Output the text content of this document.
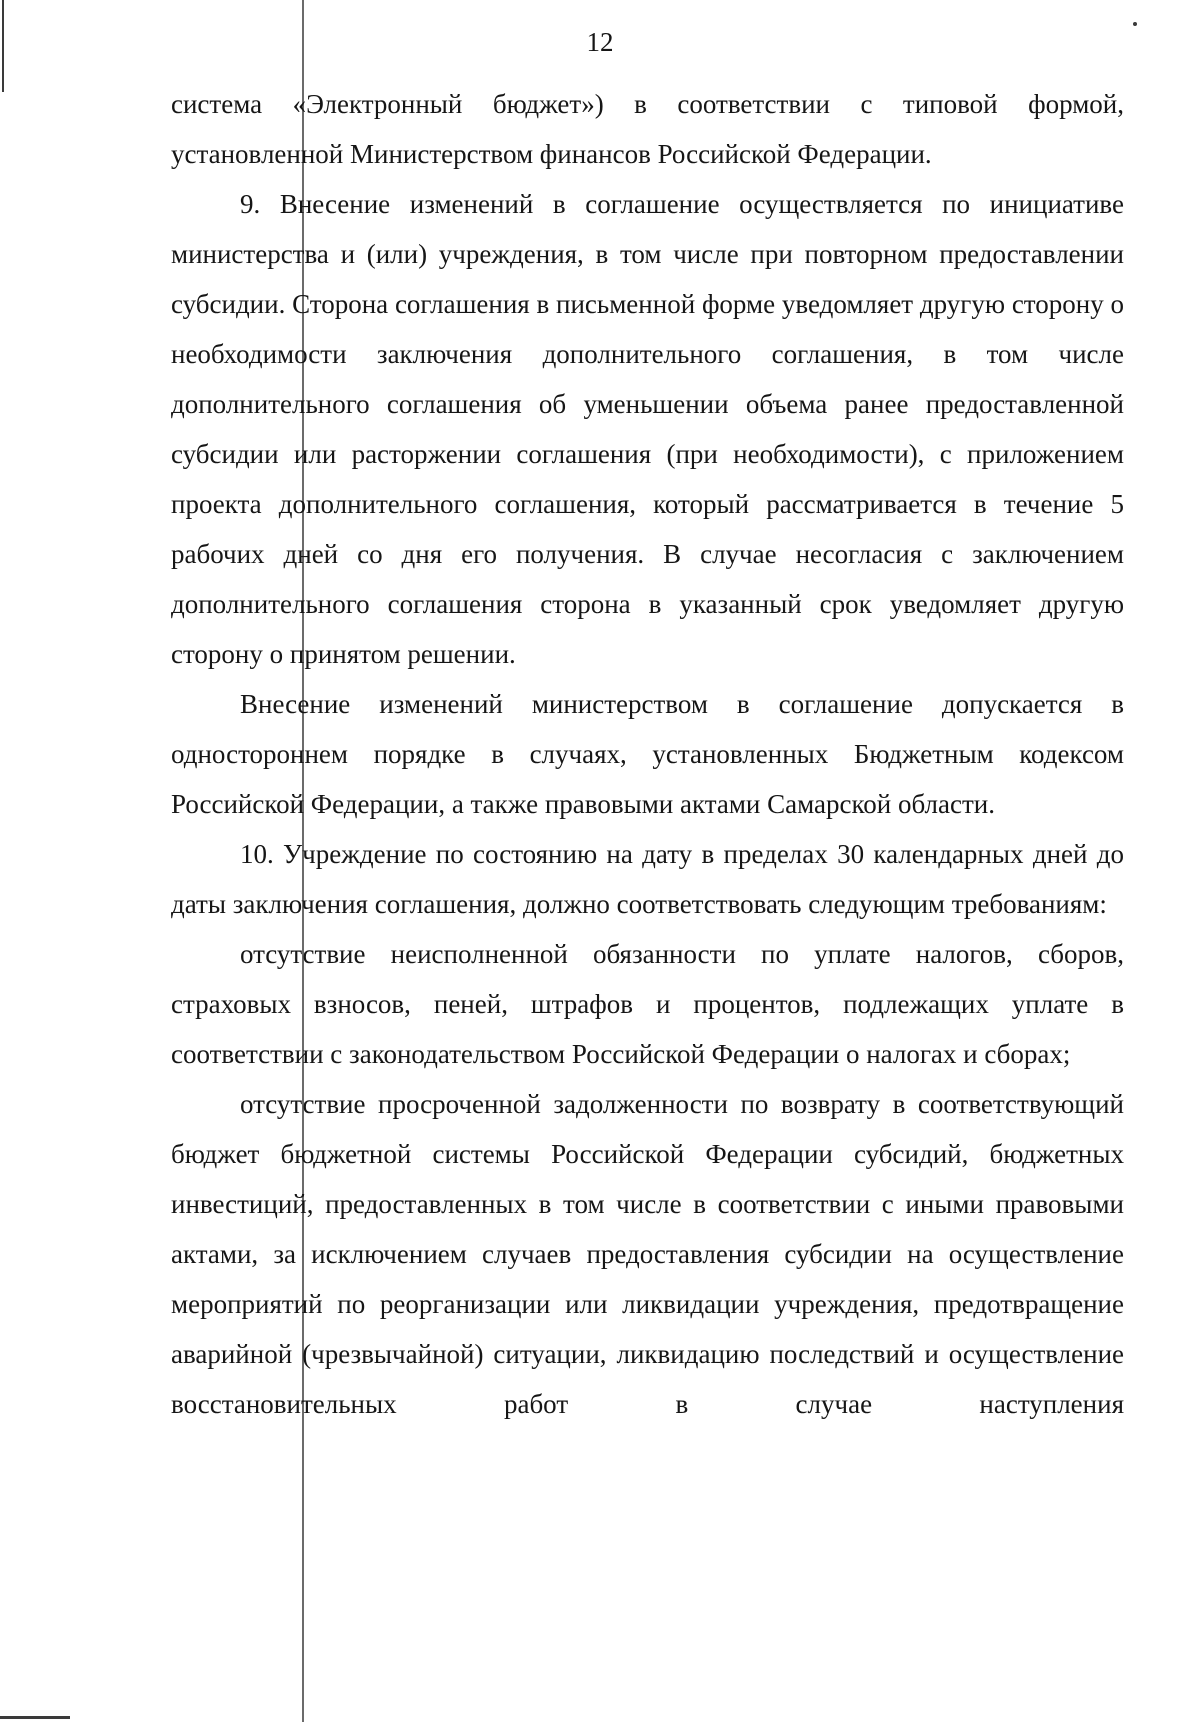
12

система «Электронный бюджет») в соответствии с типовой формой, установленной Министерством финансов Российской Федерации.

9. Внесение изменений в соглашение осуществляется по инициативе министерства и (или) учреждения, в том числе при повторном предоставлении субсидии. Сторона соглашения в письменной форме уведомляет другую сторону о необходимости заключения дополнительного соглашения, в том числе дополнительного соглашения об уменьшении объема ранее предоставленной субсидии или расторжении соглашения (при необходимости), с приложением проекта дополнительного соглашения, который рассматривается в течение 5 рабочих дней со дня его получения. В случае несогласия с заключением дополнительного соглашения сторона в указанный срок уведомляет другую сторону о принятом решении.

Внесение изменений министерством в соглашение допускается в одностороннем порядке в случаях, установленных Бюджетным кодексом Российской Федерации, а также правовыми актами Самарской области.

10. Учреждение по состоянию на дату в пределах 30 календарных дней до даты заключения соглашения, должно соответствовать следующим требованиям:

отсутствие неисполненной обязанности по уплате налогов, сборов, страховых взносов, пеней, штрафов и процентов, подлежащих уплате в соответствии с законодательством Российской Федерации о налогах и сборах;

отсутствие просроченной задолженности по возврату в соответствующий бюджет бюджетной системы Российской Федерации субсидий, бюджетных инвестиций, предоставленных в том числе в соответствии с иными правовыми актами, за исключением случаев предоставления субсидии на осуществление мероприятий по реорганизации или ликвидации учреждения, предотвращение аварийной (чрезвычайной) ситуации, ликвидацию последствий и осуществление восстановительных работ в случае наступления
